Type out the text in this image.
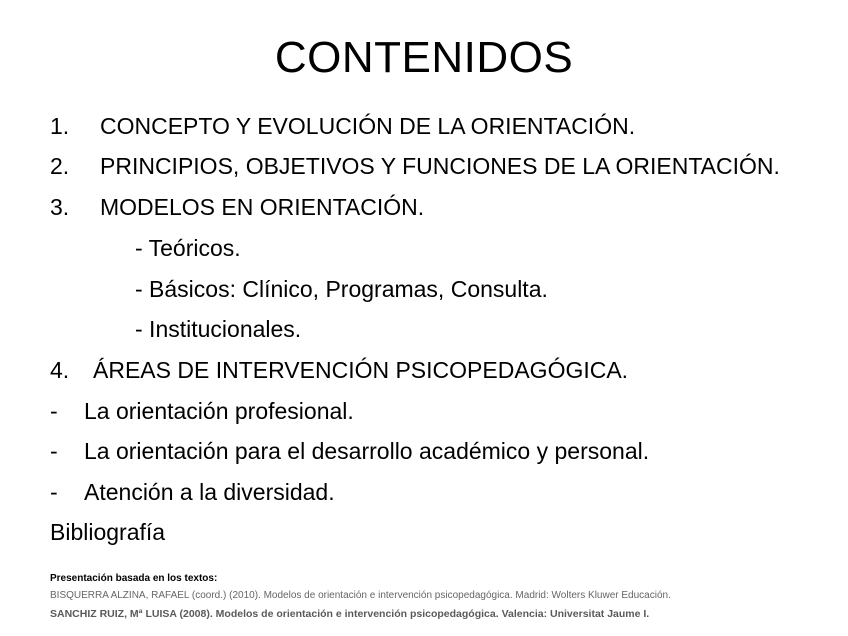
CONTENIDOS
1. CONCEPTO Y EVOLUCIÓN DE LA ORIENTACIÓN.
2. PRINCIPIOS, OBJETIVOS Y FUNCIONES DE LA ORIENTACIÓN.
3. MODELOS EN ORIENTACIÓN.
- Teóricos.
- Básicos: Clínico, Programas, Consulta.
- Institucionales.
4. ÁREAS DE INTERVENCIÓN PSICOPEDAGÓGICA.
- La orientación profesional.
- La orientación para el desarrollo académico y personal.
- Atención a la diversidad.
Bibliografía
Presentación basada en los textos:
BISQUERRA ALZINA, RAFAEL (coord.) (2010). Modelos de orientación e intervención psicopedagógica. Madrid: Wolters Kluwer Educación.
SANCHIZ RUIZ, Mª LUISA (2008). Modelos de orientación e intervención psicopedagógica. Valencia: Universitat Jaume I.
